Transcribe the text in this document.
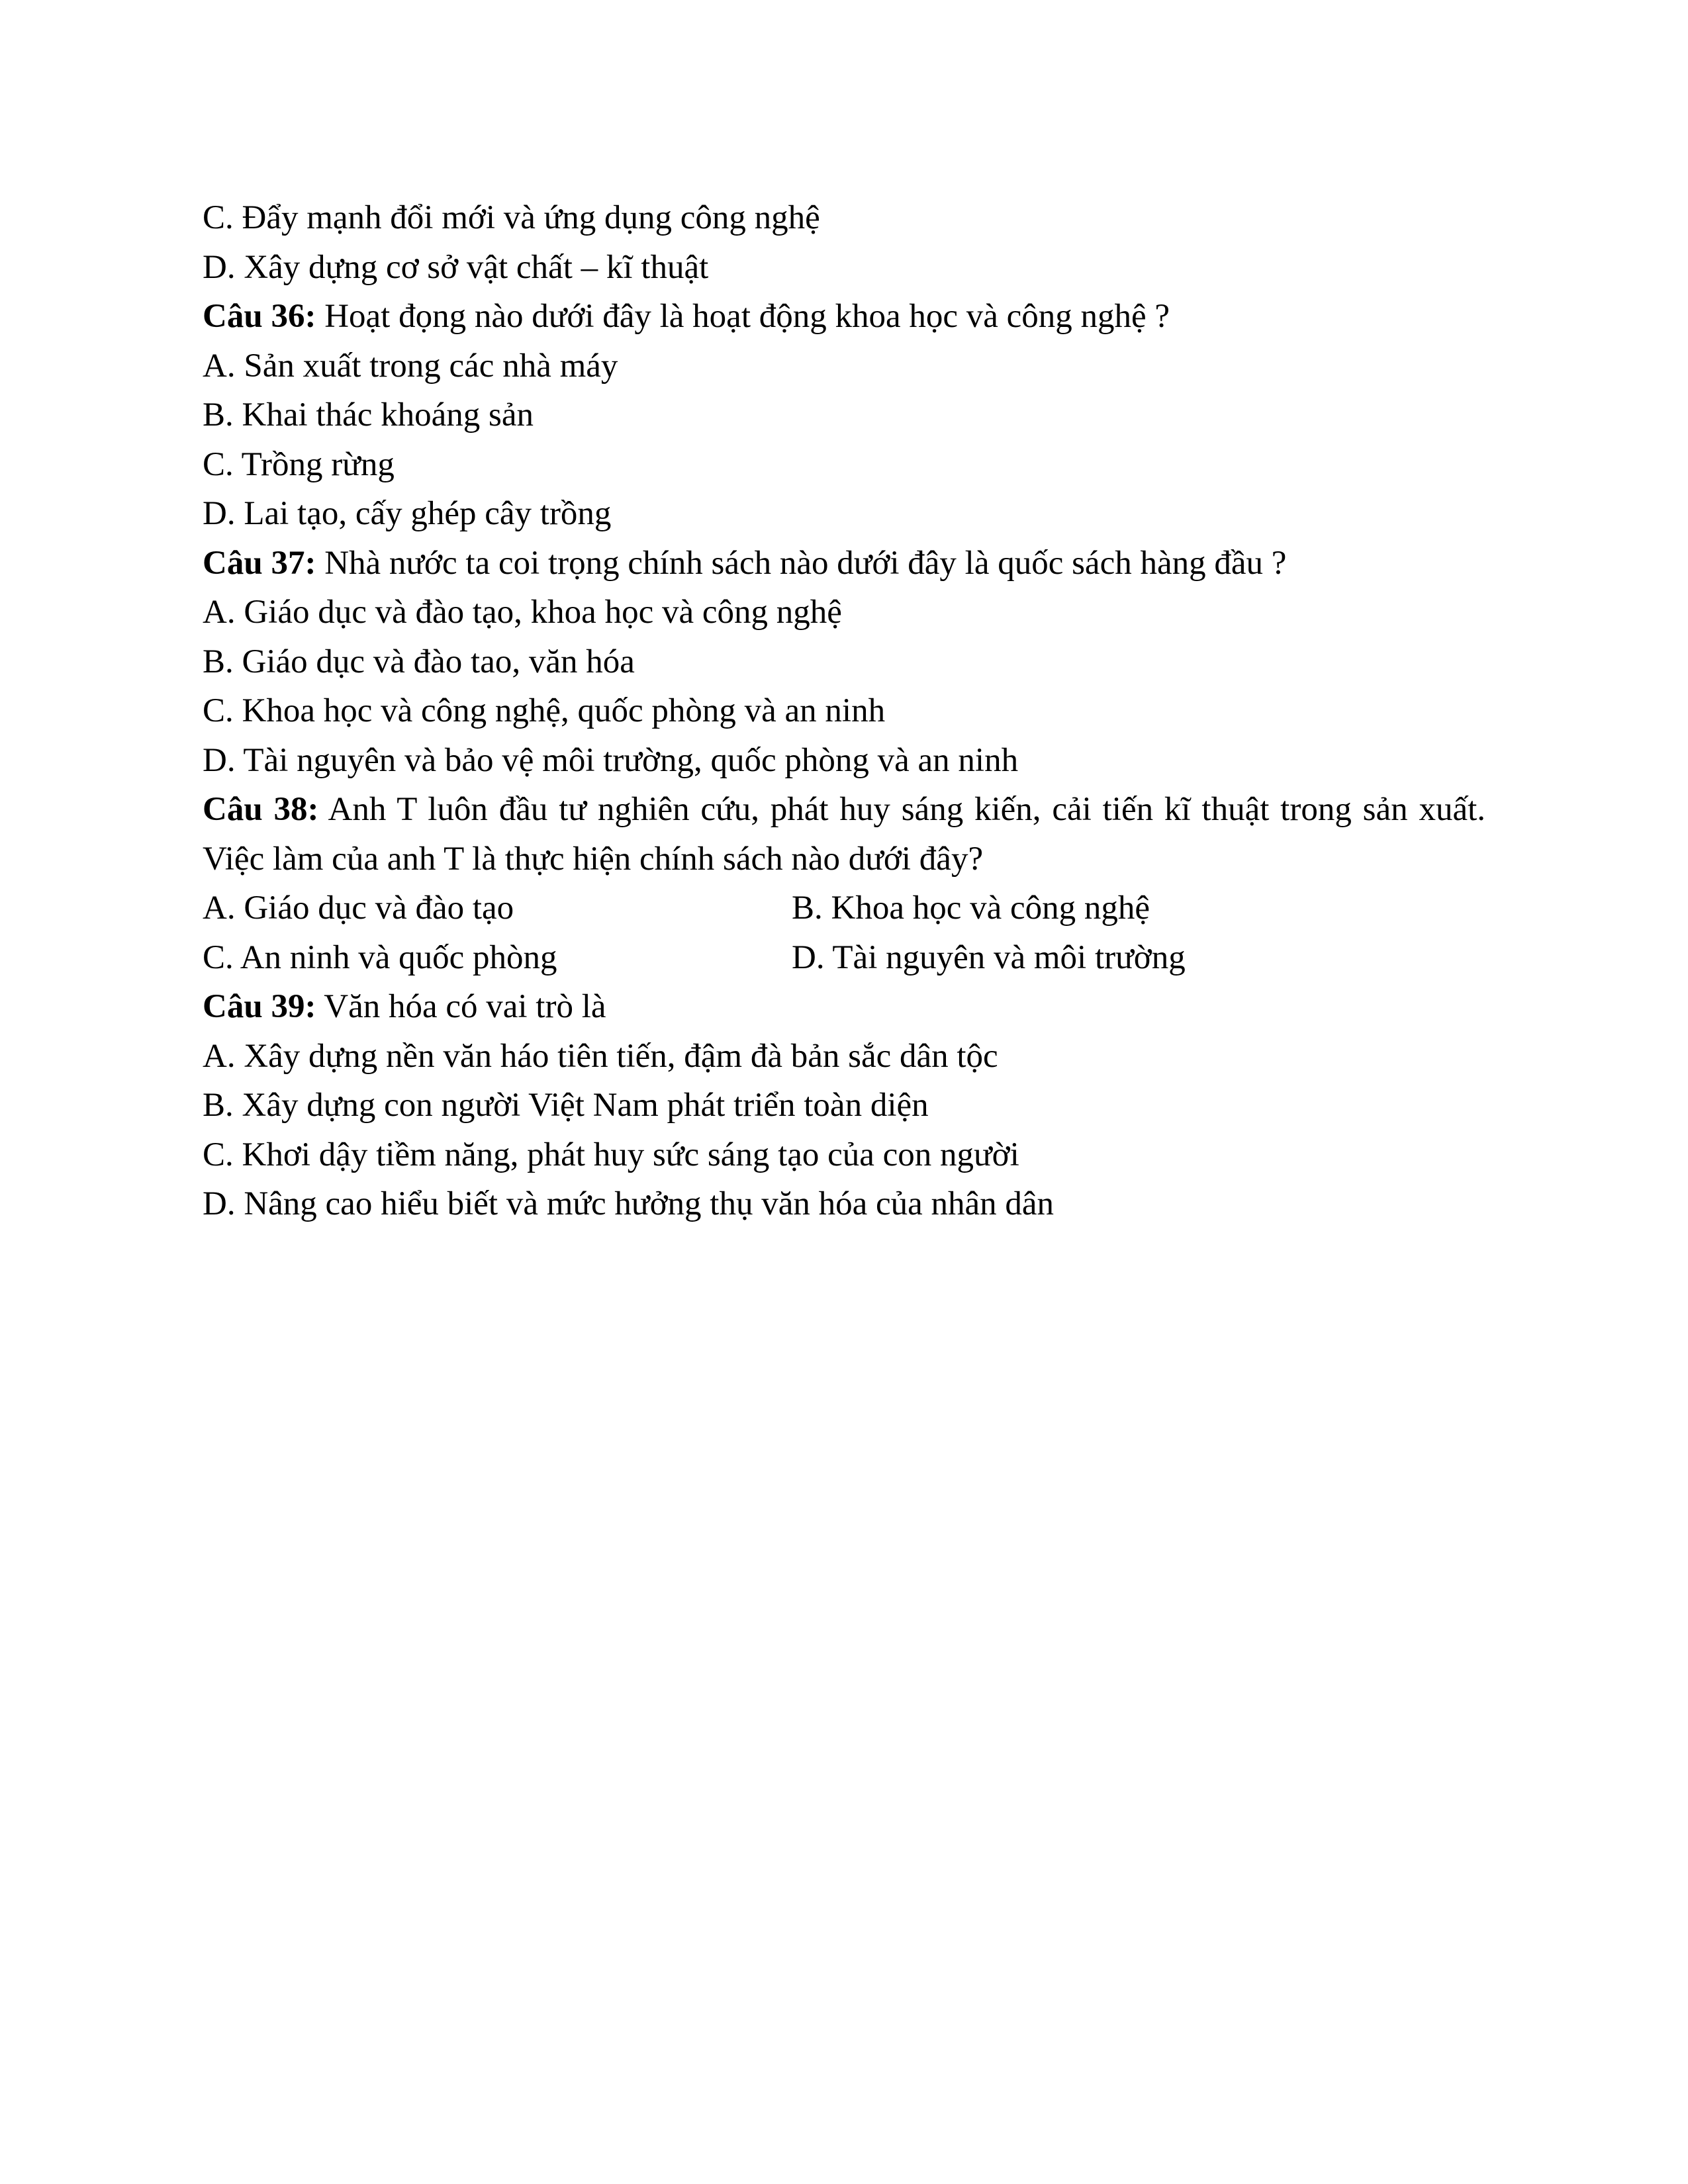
C. Đẩy mạnh đổi mới và ứng dụng công nghệ
D. Xây dựng cơ sở vật chất – kĩ thuật
Câu 36: Hoạt đọng nào dưới đây là hoạt động khoa học và công nghệ ?
A. Sản xuất trong các nhà máy
B. Khai thác khoáng sản
C. Trồng rừng
D. Lai tạo, cấy ghép cây trồng
Câu 37: Nhà nước ta coi trọng chính sách nào dưới đây là quốc sách hàng đầu ?
A. Giáo dục và đào tạo, khoa học và công nghệ
B. Giáo dục và đào tao, văn hóa
C. Khoa học và công nghệ, quốc phòng và an ninh
D. Tài nguyên và bảo vệ môi trường, quốc phòng và an ninh
Câu 38: Anh T luôn đầu tư nghiên cứu, phát huy sáng kiến, cải tiến kĩ thuật trong sản xuất. Việc làm của anh T là thực hiện chính sách nào dưới đây?
A. Giáo dục và đào tạo	B. Khoa học và công nghệ
C. An ninh và quốc phòng	D. Tài nguyên và môi trường
Câu 39: Văn hóa có vai trò là
A. Xây dựng nền văn háo tiên tiến, đậm đà bản sắc dân tộc
B. Xây dựng con người Việt Nam phát triển toàn diện
C. Khơi dậy tiềm năng, phát huy sức sáng tạo của con người
D. Nâng cao hiểu biết và mức hưởng thụ văn hóa của nhân dân
